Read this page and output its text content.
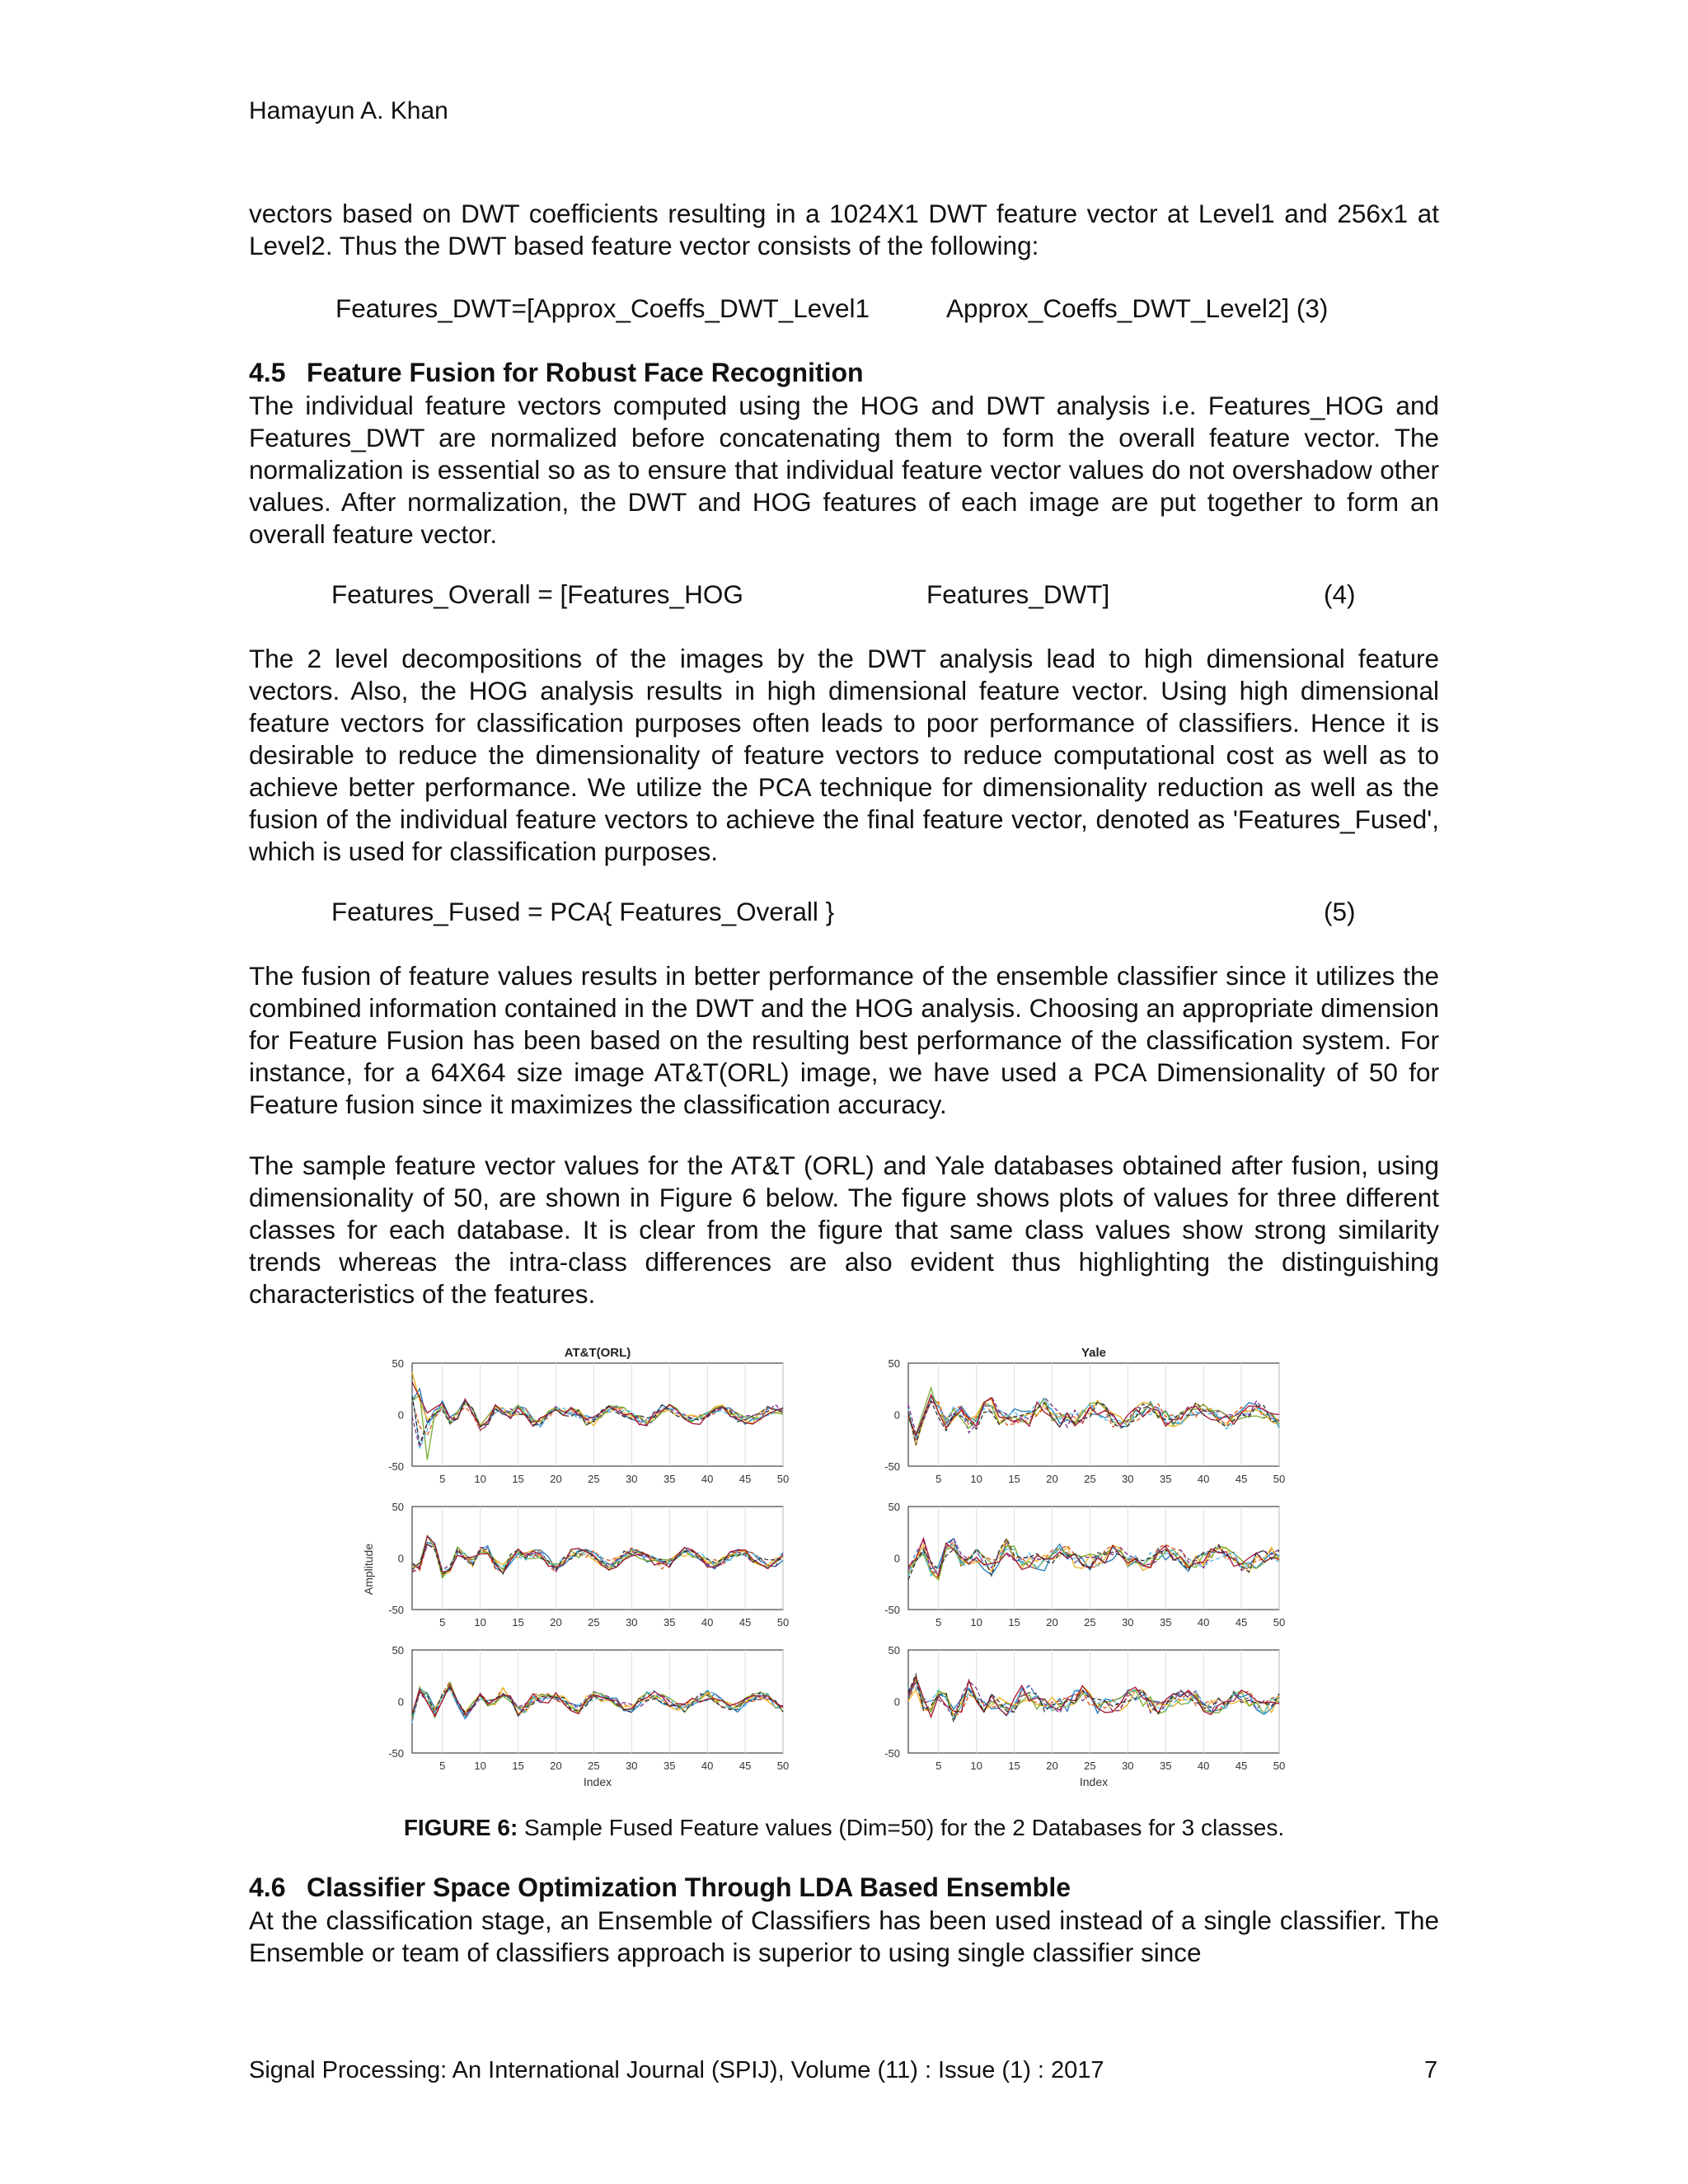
Hamayun A. Khan
vectors based on DWT coefficients resulting in a 1024X1 DWT feature vector at Level1 and 256x1 at Level2. Thus the DWT based feature vector consists of the following:
Features_DWT=[Approx_Coeffs_DWT_Level1	Approx_Coeffs_DWT_Level2] (3)
4.5 Feature Fusion for Robust Face Recognition
The individual feature vectors computed using the HOG and DWT analysis i.e. Features_HOG and Features_DWT are normalized before concatenating them to form the overall feature vector. The normalization is essential so as to ensure that individual feature vector values do not overshadow other values. After normalization, the DWT and HOG features of each image are put together to form an overall feature vector.
Features_Overall = [Features_HOG	Features_DWT]	(4)
The 2 level decompositions of the images by the DWT analysis lead to high dimensional feature vectors. Also, the HOG analysis results in high dimensional feature vector. Using high dimensional feature vectors for classification purposes often leads to poor performance of classifiers. Hence it is desirable to reduce the dimensionality of feature vectors to reduce computational cost as well as to achieve better performance. We utilize the PCA technique for dimensionality reduction as well as the fusion of the individual feature vectors to achieve the final feature vector, denoted as 'Features_Fused', which is used for classification purposes.
Features_Fused = PCA{ Features_Overall }	(5)
The fusion of feature values results in better performance of the ensemble classifier since it utilizes the combined information contained in the DWT and the HOG analysis. Choosing an appropriate dimension for Feature Fusion has been based on the resulting best performance of the classification system. For instance, for a 64X64 size image AT&T(ORL) image, we have used a PCA Dimensionality of 50 for Feature fusion since it maximizes the classification accuracy.
The sample feature vector values for the AT&T (ORL) and Yale databases obtained after fusion, using dimensionality of 50, are shown in Figure 6 below. The figure shows plots of values for three different classes for each database. It is clear from the figure that same class values show strong similarity trends whereas the intra-class differences are also evident thus highlighting the distinguishing characteristics of the features.
AT&T(ORL)
50
0
-50
5	10 15 20 25 30 35 40 45 50
Yale
50
0
-50
5	10 15 20 25 30 35 40 45 50
50
0
-50
5	10 15 20 25 30 35 40 45 50
50
0
-50
5	10 15 20 25 30 35 40 45 50
50
0
-50
5	10 15 20 25 30 35 40 45 50
Index
50
0
-50
5	10 15 20 25 30 35 40 45 50
Index
Amplitude
FIGURE 6: Sample Fused Feature values (Dim=50) for the 2 Databases for 3 classes.
4.6 Classifier Space Optimization Through LDA Based Ensemble
At the classification stage, an Ensemble of Classifiers has been used instead of a single classifier. The Ensemble or team of classifiers approach is superior to using single classifier since
Signal Processing: An International Journal (SPIJ), Volume (11) : Issue (1) : 2017	7
